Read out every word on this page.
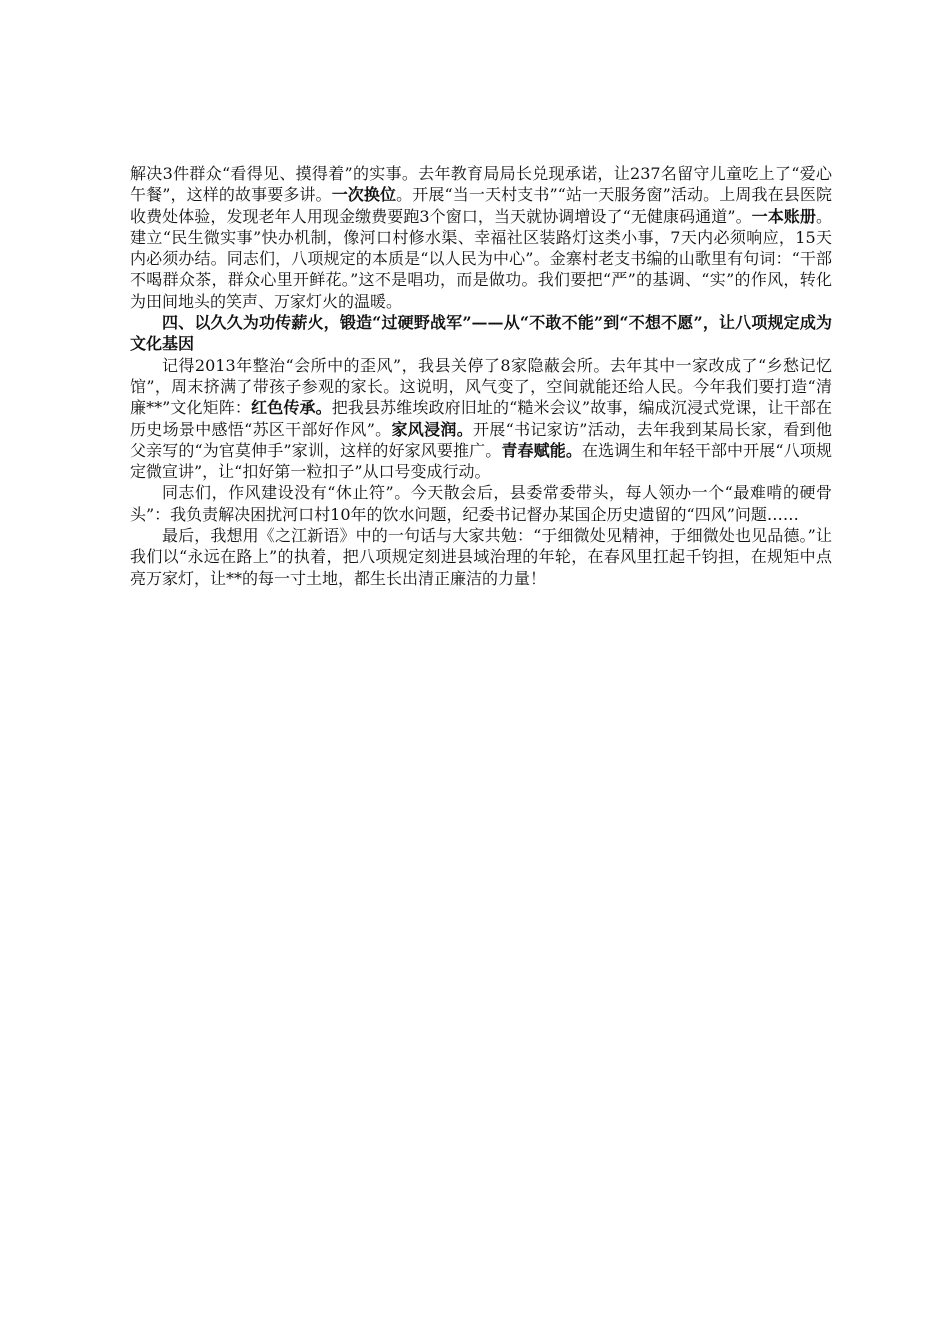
解决3件群众“看得见、摸得着”的实事。去年教育局局长兑现承诺，让237名留守儿童吃上了“爱心午餐”，这样的故事要多讲。一次换位。开展“当一天村支书”“站一天服务窗”活动。上周我在县医院收费处体验，发现老年人用现金缴费要跑3个窗口，当天就协调增设了“无健康码通道”。一本账册。建立“民生微实事”快办机制，像河口村修水渠、幸福社区装路灯这类小事，7天内必须响应，15天内必须办结。同志们，八项规定的本质是“以人民为中心”。金寨村老支书编的山歌里有句词：“干部不喝群众茶，群众心里开鲜花。”这不是唱功，而是做功。我们要把“严”的基调、“实”的作风，转化为田间地头的笑声、万家灯火的温暖。

四、以久久为功传薪火，锻造“过硬野战军”——从“不敢不能”到“不想不愿”，让八项规定成为文化基因

记得2013年整治“会所中的歪风”，我县关停了8家隐蔽会所。去年其中一家改成了“乡愁记忆馆”，周末挤满了带孩子参观的家长。这说明，风气变了，空间就能还给人民。今年我们要打造“清廉**”文化矩阵：红色传承。把我县苏维埃政府旧址的“糙米会议”故事，编成沉浸式党课，让干部在历史场景中感悟“苏区干部好作风”。家风浸润。开展“书记家访”活动，去年我到某局长家，看到他父亲写的“为官莫伸手”家训，这样的好家风要推广。青春赋能。在选调生和年轻干部中开展“八项规定微宣讲”，让“扣好第一粒扣子”从口号变成行动。

同志们，作风建设没有“休止符”。今天散会后，县委常委带头，每人领办一个“最难啃的硬骨头”：我负责解决困扰河口村10年的饮水问题，纪委书记督办某国企历史遗留的“四风”问题……

最后，我想用《之江新语》中的一句话与大家共勉：“于细微处见精神，于细微处也见品德。”让我们以“永远在路上”的执着，把八项规定刻进县域治理的年轮，在春风里扛起千钧担，在规矩中点亮万家灯，让**的每一寸土地，都生长出清正廉洁的力量！
